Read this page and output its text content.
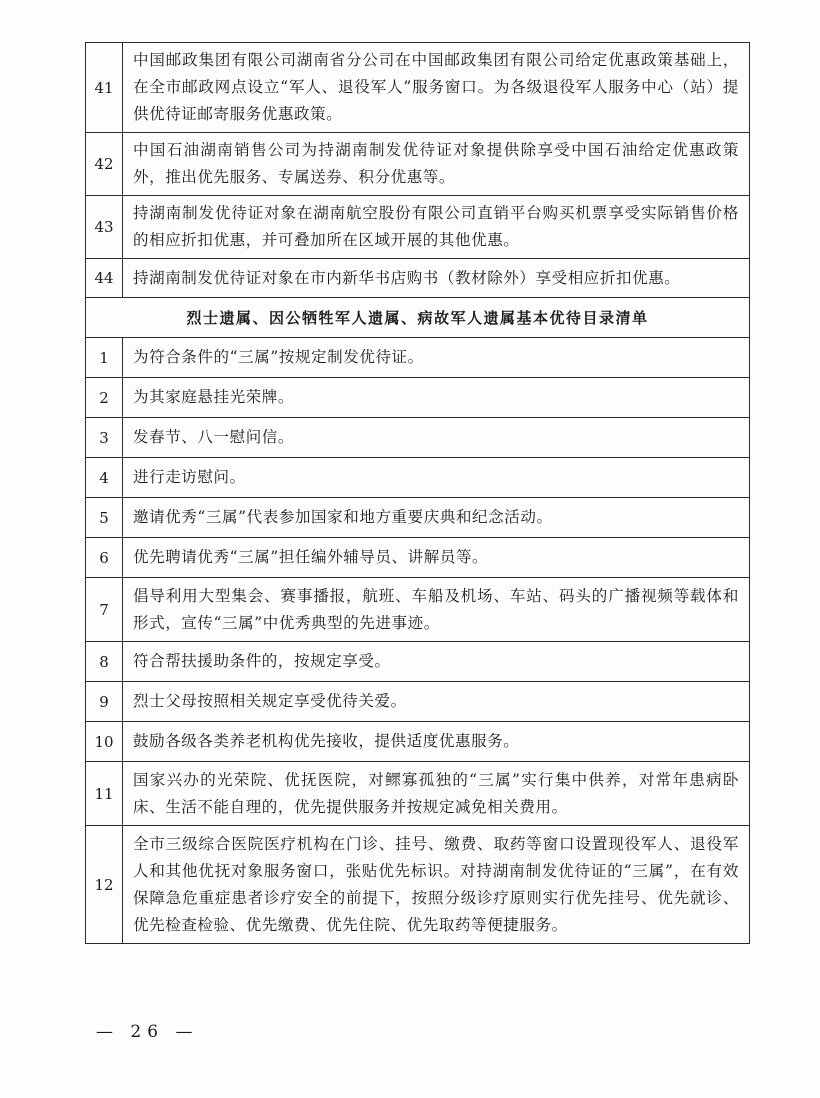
41	中国邮政集团有限公司湖南省分公司在中国邮政集团有限公司给定优惠政策基础上，在全市邮政网点设立“军人、退役军人”服务窗口。为各级退役军人服务中心（站）提供优待证邮寄服务优惠政策。
42	中国石油湖南销售公司为持湖南制发优待证对象提供除享受中国石油给定优惠政策外，推出优先服务、专属送券、积分优惠等。
43	持湖南制发优待证对象在湖南航空股份有限公司直销平台购买机票享受实际销售价格的相应折扣优惠，并可叠加所在区域开展的其他优惠。
44	持湖南制发优待证对象在市内新华书店购书（教材除外）享受相应折扣优惠。
烈士遗属、因公牺牲军人遗属、病故军人遗属基本优待目录清单	
1	为符合条件的“三属”按规定制发优待证。
2	为其家庭悬挂光荣牌。
3	发春节、八一慰问信。
4	进行走访慰问。
5	邀请优秀“三属”代表参加国家和地方重要庆典和纪念活动。
6	优先聘请优秀“三属”担任编外辅导员、讲解员等。
7	倡导利用大型集会、赛事播报，航班、车船及机场、车站、码头的广播视频等载体和形式，宣传“三属”中优秀典型的先进事迹。
8	符合帮扶援助条件的，按规定享受。
9	烈士父母按照相关规定享受优待关爱。
10	鼓励各级各类养老机构优先接收，提供适度优惠服务。
11	国家兴办的光荣院、优抚医院，对鳏寡孤独的“三属”实行集中供养，对常年患病卧床、生活不能自理的，优先提供服务并按规定减免相关费用。
12	全市三级综合医院医疗机构在门诊、挂号、缴费、取药等窗口设置现役军人、退役军人和其他优抚对象服务窗口，张贴优先标识。对持湖南制发优待证的“三属”，在有效保障急危重症患者诊疗安全的前提下，按照分级诊疗原则实行优先挂号、优先就诊、优先检查检验、优先缴费、优先住院、优先取药等便捷服务。
— 26 —
